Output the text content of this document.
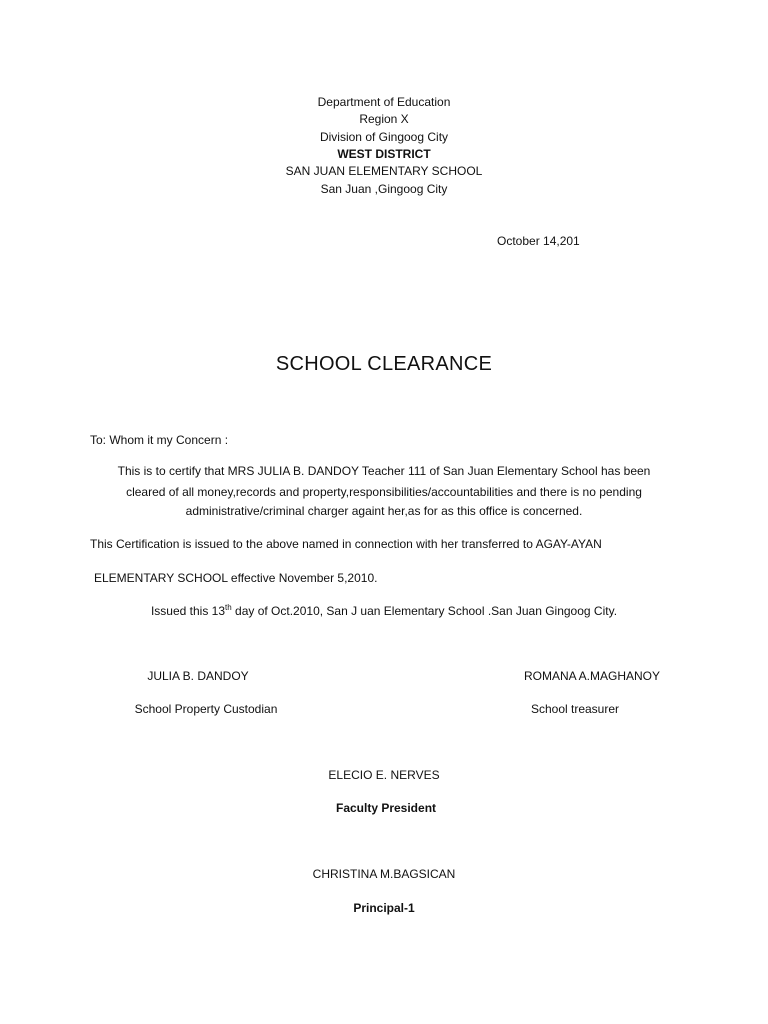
Department of Education
Region X
Division of Gingoog City
WEST DISTRICT
SAN JUAN ELEMENTARY SCHOOL
San Juan ,Gingoog City
October 14,201
SCHOOL CLEARANCE
To: Whom it my Concern :
This is to certify that MRS JULIA B. DANDOY Teacher 111 of San Juan Elementary School has been
cleared of all money,records and property,responsibilities/accountabilities and there is no pending
administrative/criminal charger againt her,as for as this office is concerned.
This Certification is issued to the above named in connection with her transferred to AGAY-AYAN
ELEMENTARY SCHOOL effective November 5,2010.
Issued this 13th day of Oct.2010, San J uan Elementary School .San Juan Gingoog City.
JULIA B. DANDOY
School Property Custodian
ROMANA A.MAGHANOY
School treasurer
ELECIO E. NERVES
Faculty President
CHRISTINA M.BAGSICAN
Principal-1
